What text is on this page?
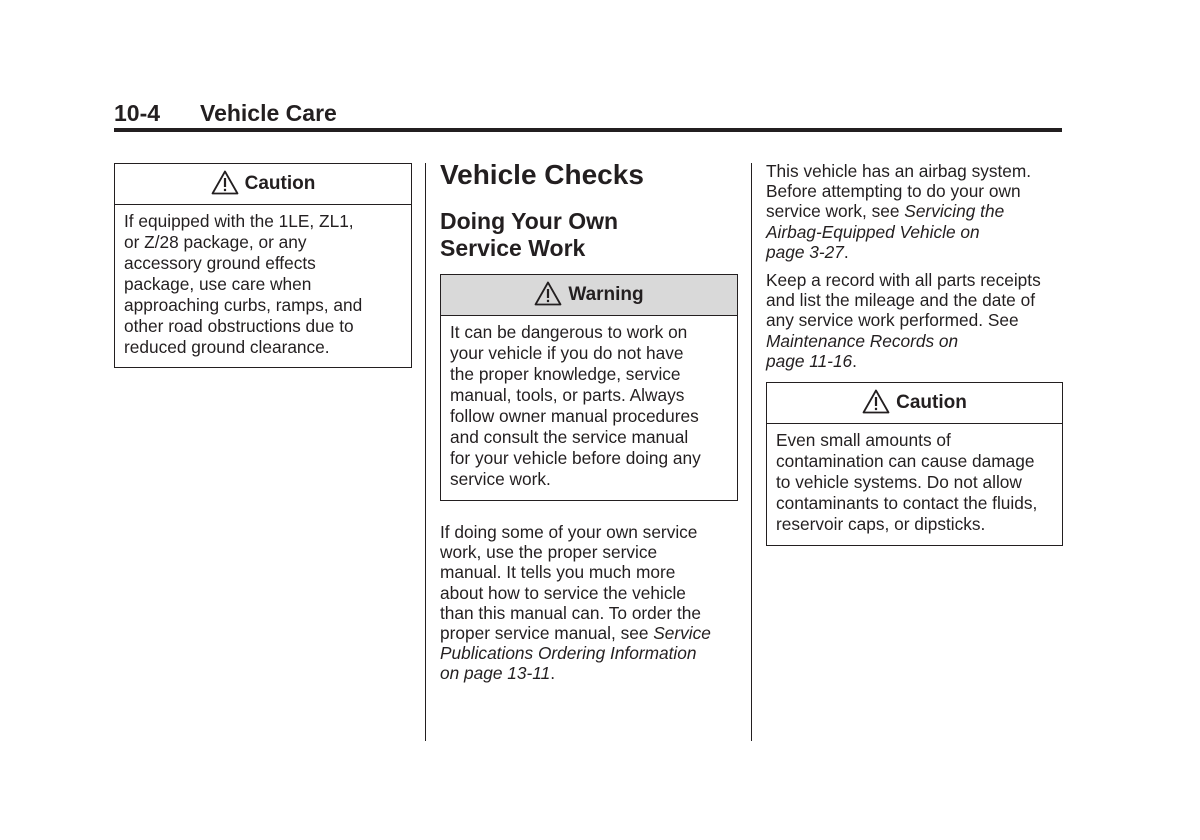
10-4 Vehicle Care
Caution
If equipped with the 1LE, ZL1,
or Z/28 package, or any
accessory ground effects
package, use care when
approaching curbs, ramps, and
other road obstructions due to
reduced ground clearance.
Vehicle Checks
Doing Your Own
Service Work
Warning
It can be dangerous to work on
your vehicle if you do not have
the proper knowledge, service
manual, tools, or parts. Always
follow owner manual procedures
and consult the service manual
for your vehicle before doing any
service work.
If doing some of your own service
work, use the proper service
manual. It tells you much more
about how to service the vehicle
than this manual can. To order the
proper service manual, see Service
Publications Ordering Information
on page 13-11.
This vehicle has an airbag system.
Before attempting to do your own
service work, see Servicing the
Airbag-Equipped Vehicle on
page 3-27.
Keep a record with all parts receipts
and list the mileage and the date of
any service work performed. See
Maintenance Records on
page 11-16.
Caution
Even small amounts of
contamination can cause damage
to vehicle systems. Do not allow
contaminants to contact the fluids,
reservoir caps, or dipsticks.
